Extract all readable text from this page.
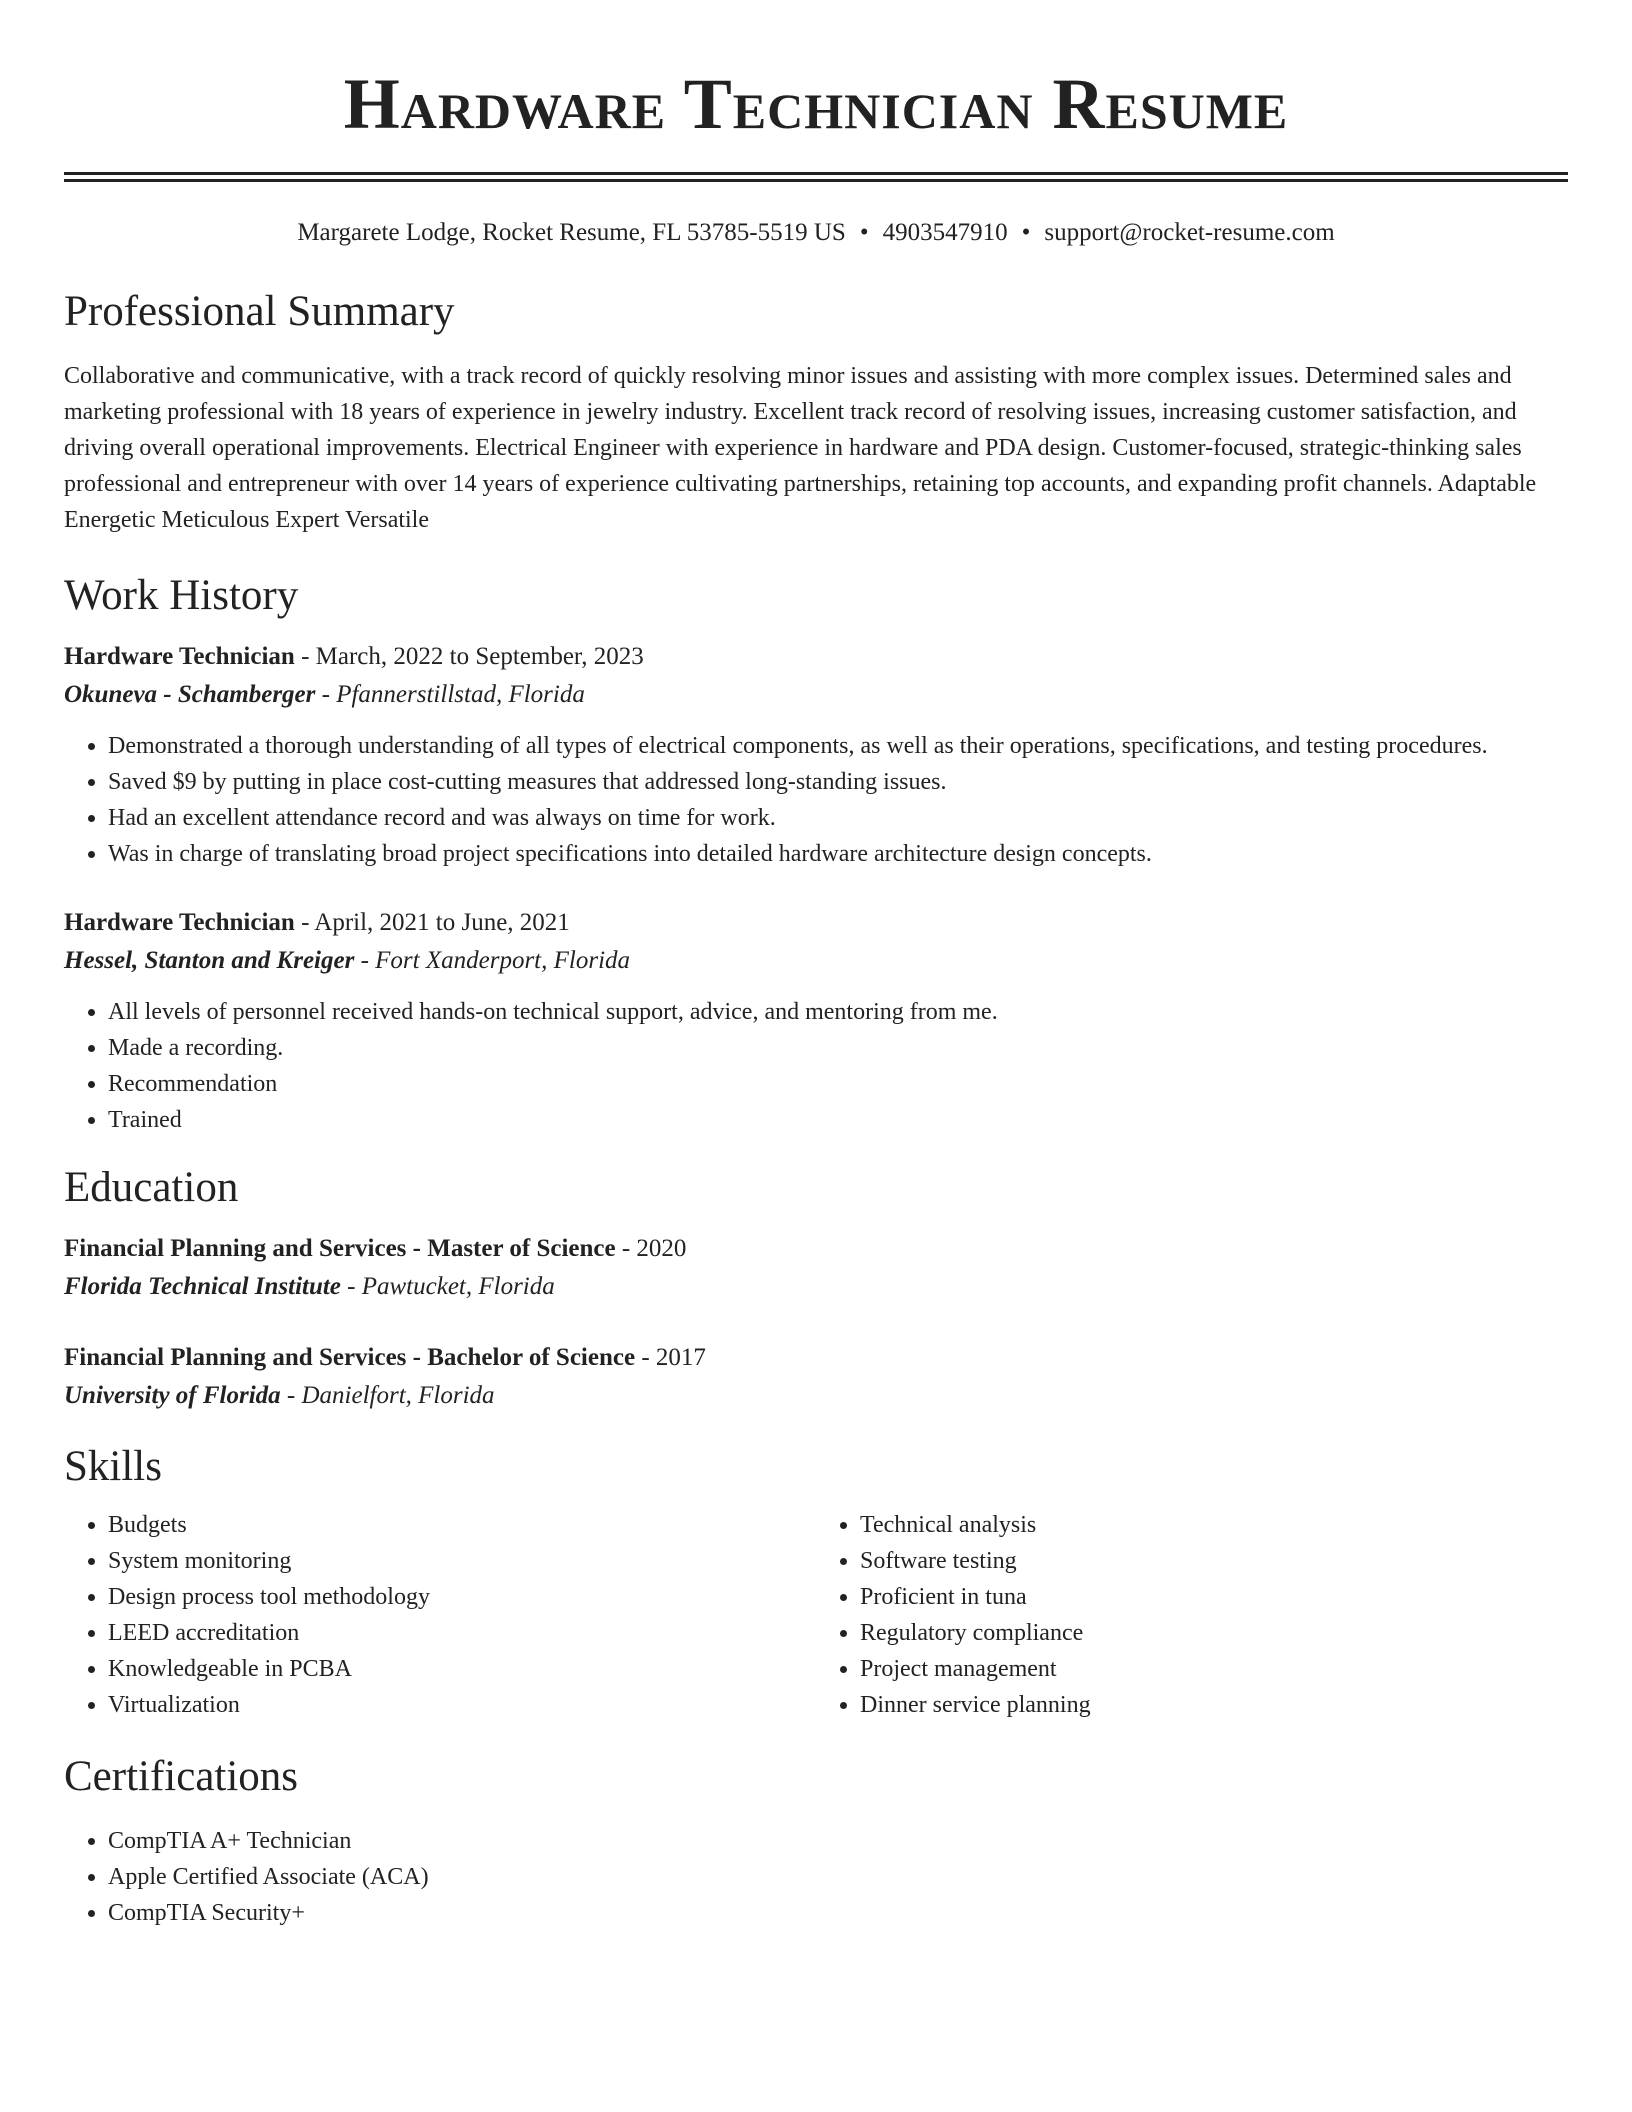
Hardware Technician Resume
Margarete Lodge, Rocket Resume, FL 53785-5519 US • 4903547910 • support@rocket-resume.com
Professional Summary
Collaborative and communicative, with a track record of quickly resolving minor issues and assisting with more complex issues. Determined sales and marketing professional with 18 years of experience in jewelry industry. Excellent track record of resolving issues, increasing customer satisfaction, and driving overall operational improvements. Electrical Engineer with experience in hardware and PDA design. Customer-focused, strategic-thinking sales professional and entrepreneur with over 14 years of experience cultivating partnerships, retaining top accounts, and expanding profit channels. Adaptable Energetic Meticulous Expert Versatile
Work History
Hardware Technician - March, 2022 to September, 2023
Okuneva - Schamberger - Pfannerstillstad, Florida
• Demonstrated a thorough understanding of all types of electrical components, as well as their operations, specifications, and testing procedures.
• Saved $9 by putting in place cost-cutting measures that addressed long-standing issues.
• Had an excellent attendance record and was always on time for work.
• Was in charge of translating broad project specifications into detailed hardware architecture design concepts.
Hardware Technician - April, 2021 to June, 2021
Hessel, Stanton and Kreiger - Fort Xanderport, Florida
• All levels of personnel received hands-on technical support, advice, and mentoring from me.
• Made a recording.
• Recommendation
• Trained
Education
Financial Planning and Services - Master of Science - 2020
Florida Technical Institute - Pawtucket, Florida
Financial Planning and Services - Bachelor of Science - 2017
University of Florida - Danielfort, Florida
Skills
• Budgets
• System monitoring
• Design process tool methodology
• LEED accreditation
• Knowledgeable in PCBA
• Virtualization
• Technical analysis
• Software testing
• Proficient in tuna
• Regulatory compliance
• Project management
• Dinner service planning
Certifications
• CompTIA A+ Technician
• Apple Certified Associate (ACA)
• CompTIA Security+
